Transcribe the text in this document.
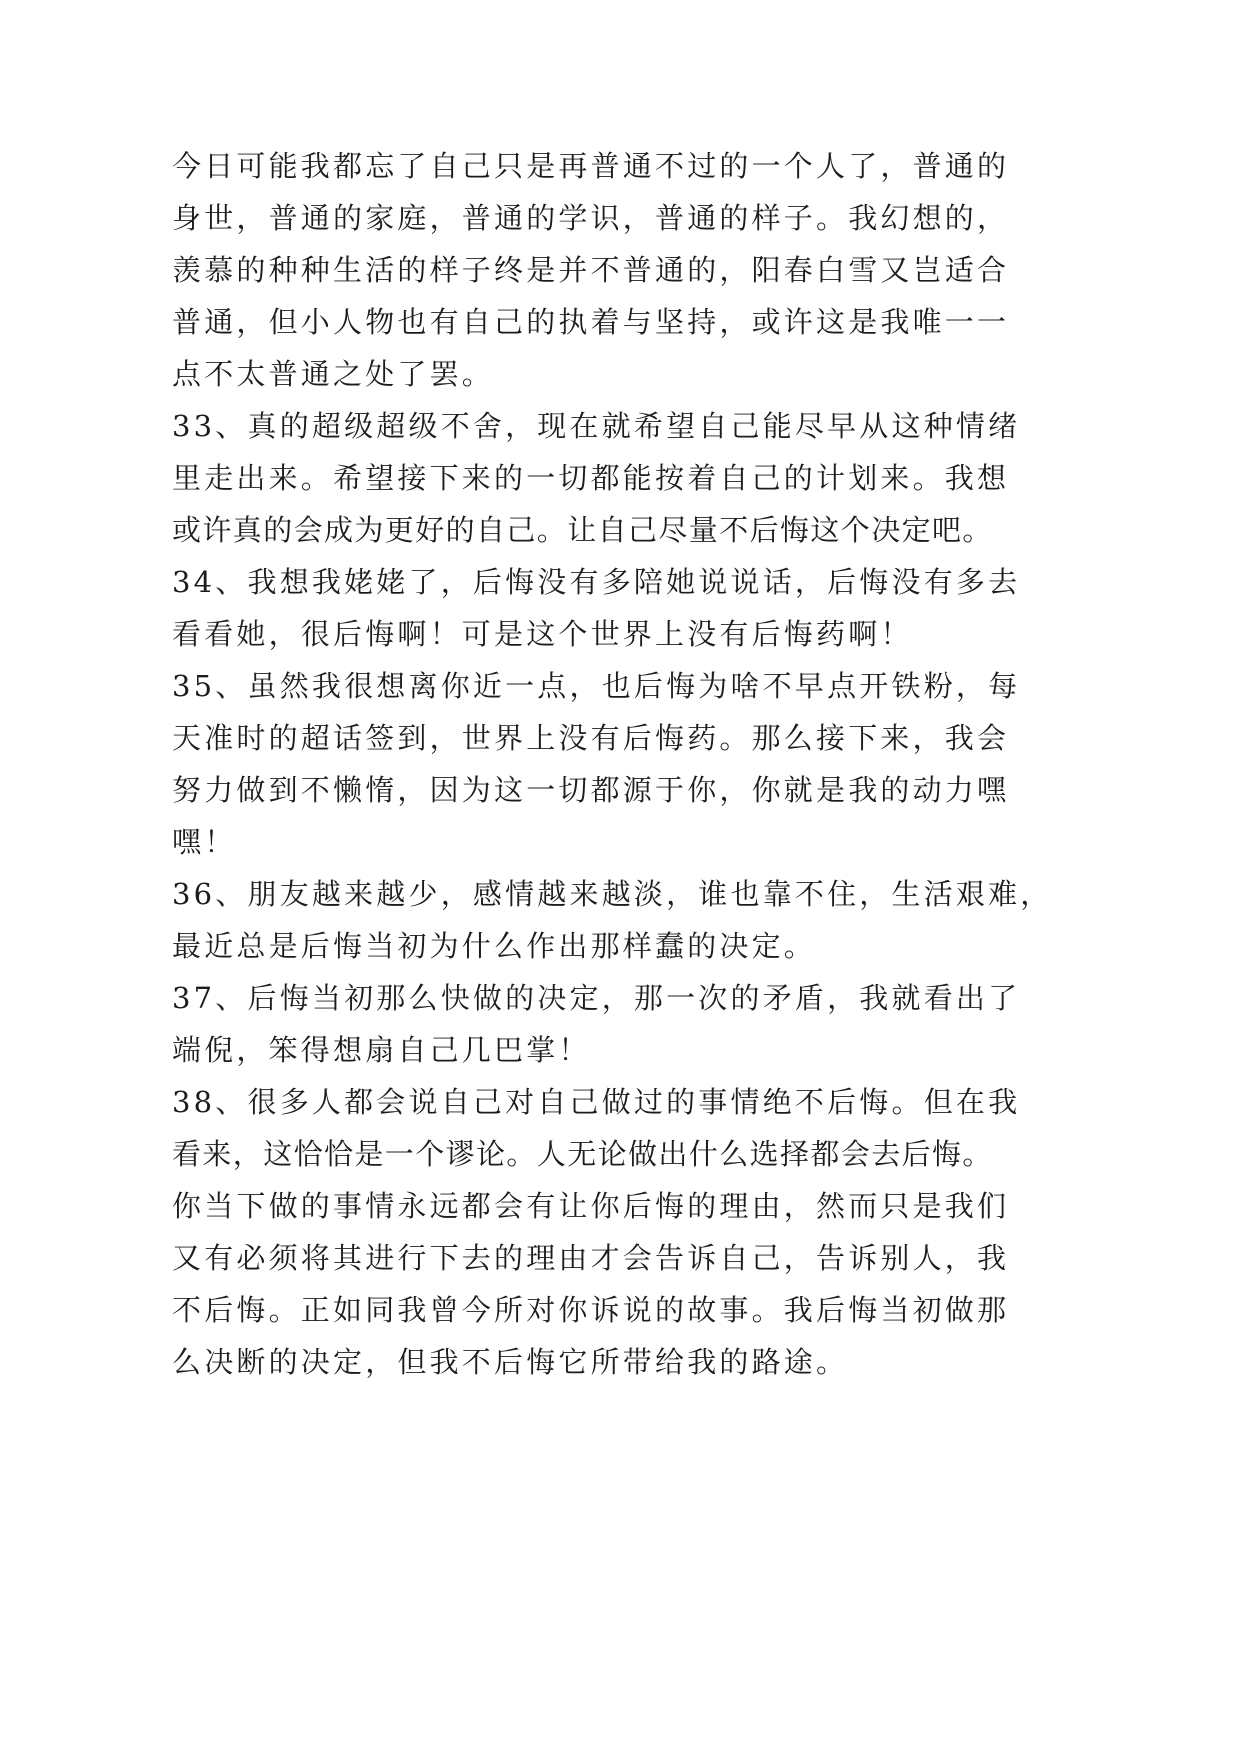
今日可能我都忘了自己只是再普通不过的一个人了，普通的
身世，普通的家庭，普通的学识，普通的样子。我幻想的，
羡慕的种种生活的样子终是并不普通的，阳春白雪又岂适合
普通，但小人物也有自己的执着与坚持，或许这是我唯一一
点不太普通之处了罢。
33、真的超级超级不舍，现在就希望自己能尽早从这种情绪
里走出来。希望接下来的一切都能按着自己的计划来。我想
或许真的会成为更好的自己。让自己尽量不后悔这个决定吧。
34、我想我姥姥了，后悔没有多陪她说说话，后悔没有多去
看看她，很后悔啊！可是这个世界上没有后悔药啊！
35、虽然我很想离你近一点，也后悔为啥不早点开铁粉，每
天准时的超话签到，世界上没有后悔药。那么接下来，我会
努力做到不懒惰，因为这一切都源于你，你就是我的动力嘿
嘿！
36、朋友越来越少，感情越来越淡，谁也靠不住，生活艰难，
最近总是后悔当初为什么作出那样蠢的决定。
37、后悔当初那么快做的决定，那一次的矛盾，我就看出了
端倪，笨得想扇自己几巴掌！
38、很多人都会说自己对自己做过的事情绝不后悔。但在我
看来，这恰恰是一个谬论。人无论做出什么选择都会去后悔。
你当下做的事情永远都会有让你后悔的理由，然而只是我们
又有必须将其进行下去的理由才会告诉自己，告诉别人，我
不后悔。正如同我曾今所对你诉说的故事。我后悔当初做那
么决断的决定，但我不后悔它所带给我的路途。
